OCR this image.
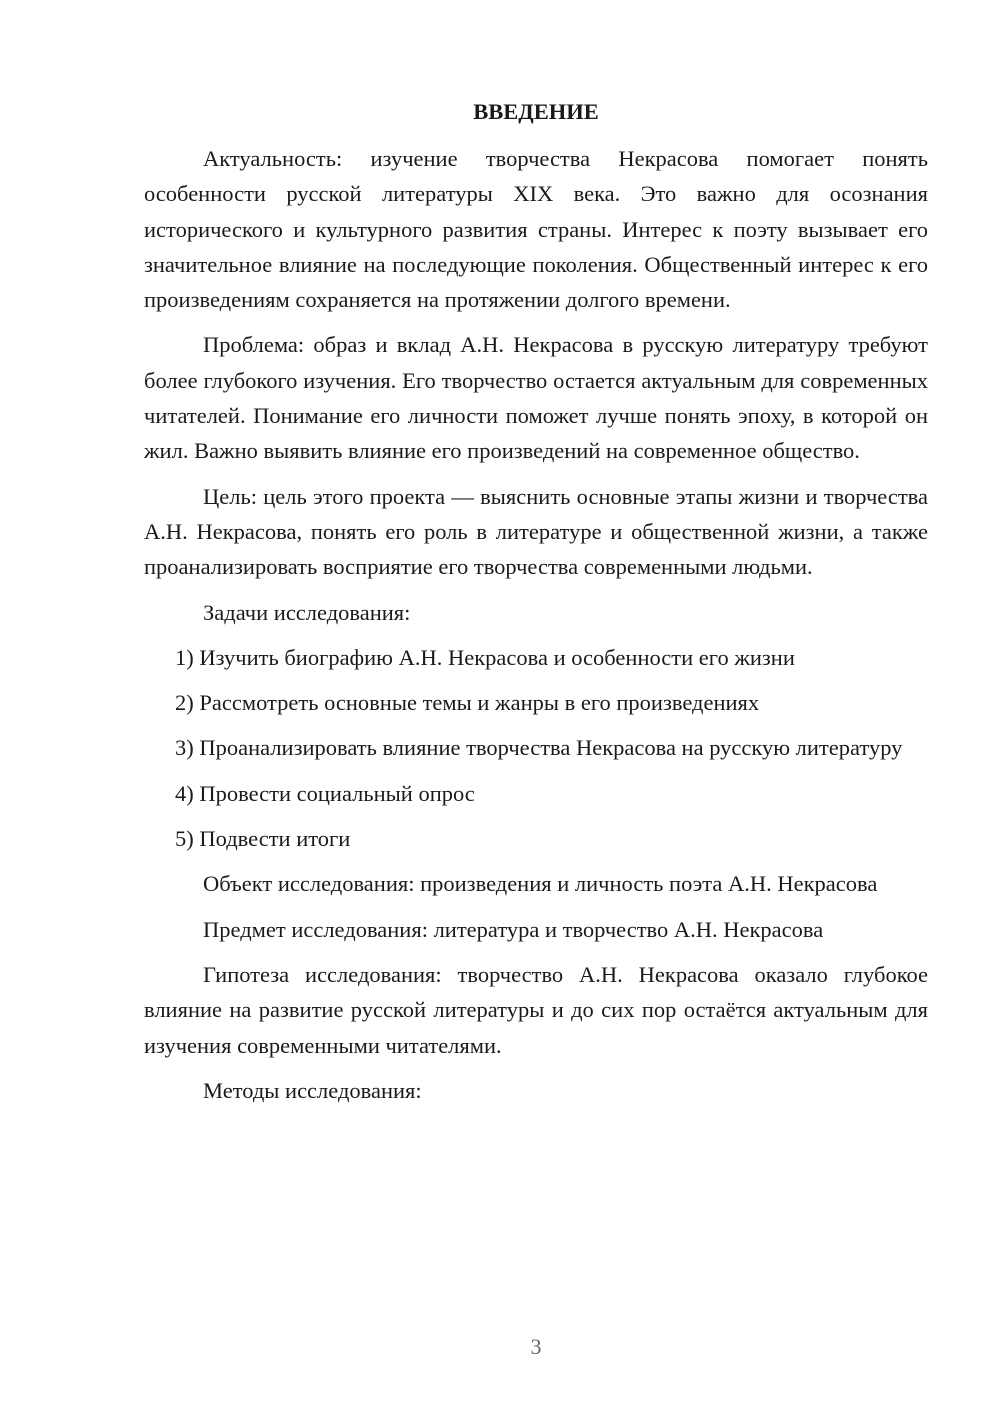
ВВЕДЕНИЕ

Актуальность: изучение творчества Некрасова помогает понять особенности русской литературы XIX века. Это важно для осознания исторического и культурного развития страны. Интерес к поэту вызывает его значительное влияние на последующие поколения. Общественный интерес к его произведениям сохраняется на протяжении долгого времени.

Проблема: образ и вклад А.Н. Некрасова в русскую литературу требуют более глубокого изучения. Его творчество остается актуальным для современных читателей. Понимание его личности поможет лучше понять эпоху, в которой он жил. Важно выявить влияние его произведений на современное общество.

Цель: цель этого проекта — выяснить основные этапы жизни и творчества А.Н. Некрасова, понять его роль в литературе и общественной жизни, а также проанализировать восприятие его творчества современными людьми.

Задачи исследования:

1) Изучить биографию А.Н. Некрасова и особенности его жизни

2) Рассмотреть основные темы и жанры в его произведениях

3) Проанализировать влияние творчества Некрасова на русскую литературу

4) Провести социальный опрос

5) Подвести итоги

Объект исследования: произведения и личность поэта А.Н. Некрасова

Предмет исследования: литература и творчество А.Н. Некрасова

Гипотеза исследования: творчество А.Н. Некрасова оказало глубокое влияние на развитие русской литературы и до сих пор остаётся актуальным для изучения современными читателями.

Методы исследования:

3
